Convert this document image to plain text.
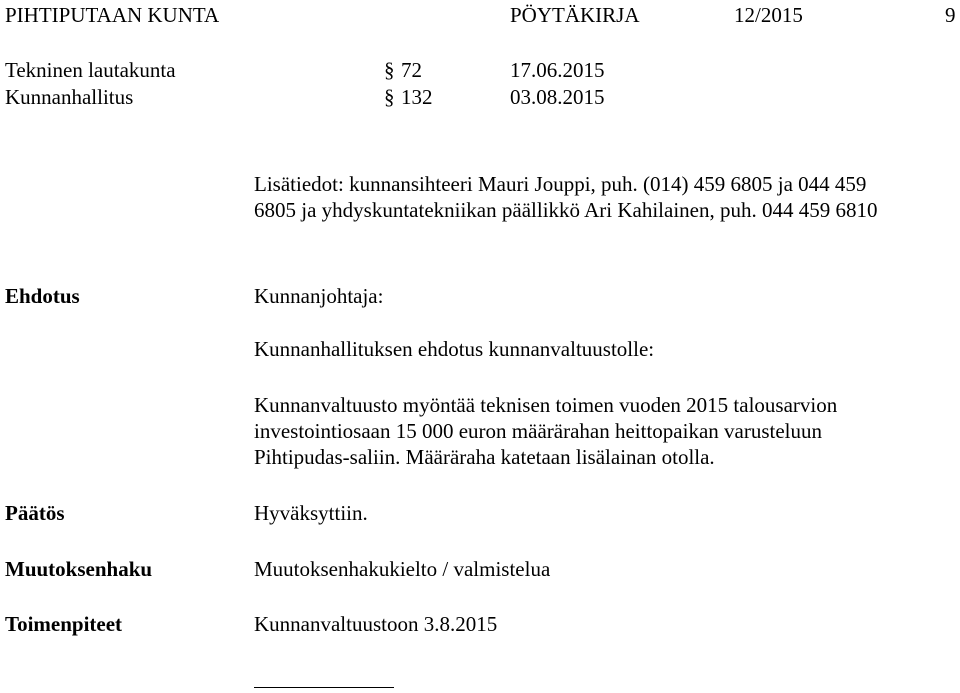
PIHTIPUTAAN KUNTA	PÖYTÄKIRJA	12/2015	9
Tekninen lautakunta	§ 72	17.06.2015
Kunnanhallitus	§ 132	03.08.2015
Lisätiedot: kunnansihteeri Mauri Jouppi, puh. (014) 459 6805 ja 044 459
6805 ja yhdyskuntatekniikan päällikkö Ari Kahilainen, puh. 044 459 6810
Ehdotus	Kunnanjohtaja:
Kunnanhallituksen ehdotus kunnanvaltuustolle:
Kunnanvaltuusto myöntää teknisen toimen vuoden 2015 talousarvion
investointiosaan 15 000 euron määrärahan heittopaikan varusteluun
Pihtipudas-saliin. Määräraha katetaan lisälainan otolla.
Päätös	Hyväksyttiin.
Muutoksenhaku	Muutoksenhakukielto / valmistelua
Toimenpiteet	Kunnanvaltuustoon 3.8.2015
